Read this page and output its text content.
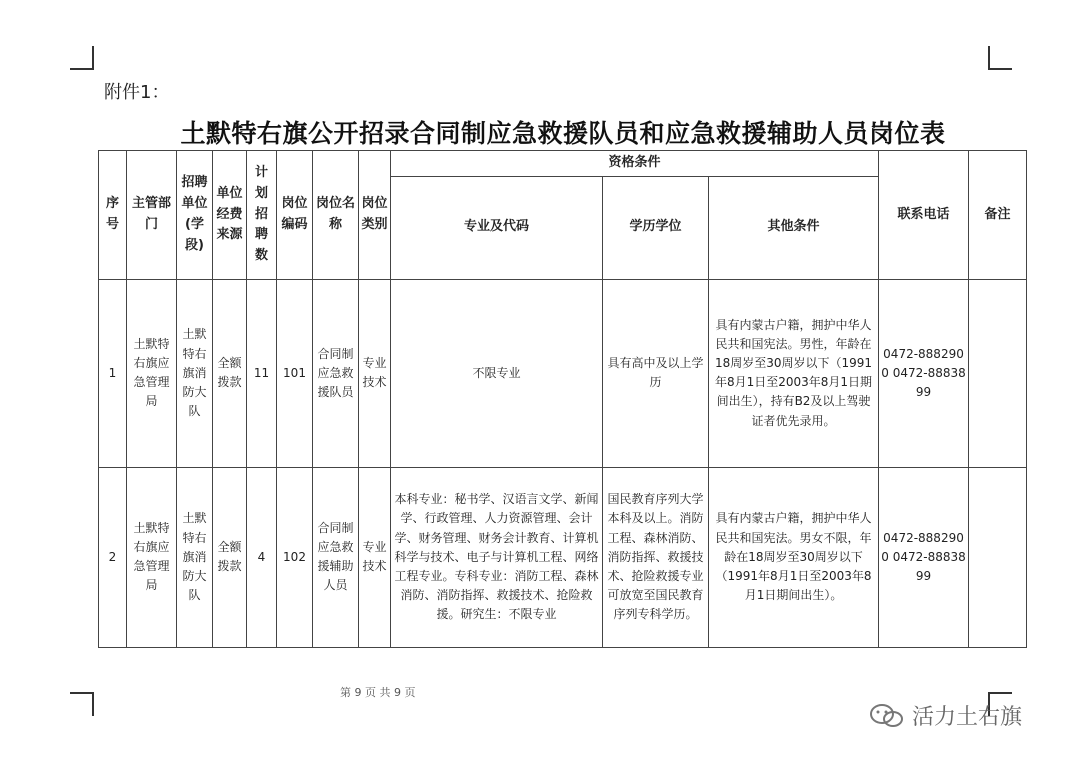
附件1：
土默特右旗公开招录合同制应急救援队员和应急救援辅助人员岗位表
序号	主管部门	招聘单位(学段)	单位经费来源	计划招聘数	岗位编码	岗位名称	岗位类别	资格条件			联系电话	备注
								专业及代码	学历学位	其他条件		
1	土默特右旗应急管理局	土默特右旗消防大队	全额拨款	11	101	合同制应急救援队员	专业技术	不限专业	具有高中及以上学历	具有内蒙古户籍，拥护中华人民共和国宪法。男性，年龄在18周岁至30周岁以下（1991年8月1日至2003年8月1日期间出生），持有B2及以上驾驶证者优先录用。	0472-8882900 0472-8883899	
2	土默特右旗应急管理局	土默特右旗消防大队	全额拨款	4	102	合同制应急救援辅助人员	专业技术	本科专业：秘书学、汉语言文学、新闻学、行政管理、人力资源管理、会计学、财务管理、财务会计教育、计算机科学与技术、电子与计算机工程、网络工程专业。专科专业：消防工程、森林消防、消防指挥、救援技术、抢险救援。研究生：不限专业	国民教育序列大学本科及以上。消防工程、森林消防、消防指挥、救援技术、抢险救援专业可放宽至国民教育序列专科学历。	具有内蒙古户籍，拥护中华人民共和国宪法。男女不限，年龄在18周岁至30周岁以下（1991年8月1日至2003年8月1日期间出生）。	0472-8882900 0472-8883899	
第 9 页 共 9 页
活力土右旗
